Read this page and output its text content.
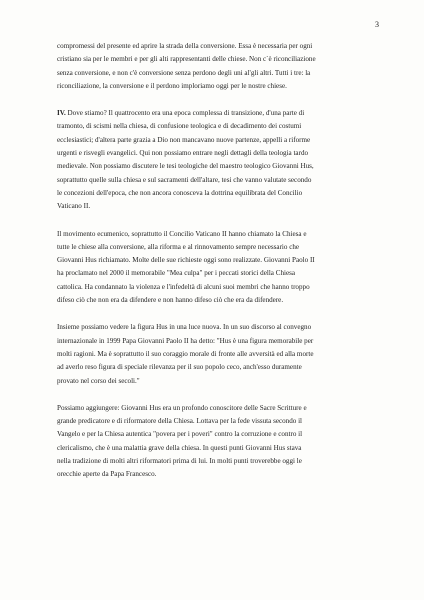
3

compromessi del presente ed aprire la strada della conversione. Essa è necessaria per ogni
cristiano sia per le membri e per gli alti rappresentanti delle chiese. Non c`è riconciliazione
senza conversione, e non c'è conversione senza perdono degli uni al'gli altri. Tutti i tre: la
riconciliazione, la conversione e il perdono imploriamo oggi per le nostre chiese.

IV. Dove stiamo? Il quattrocento era una epoca complessa di transizione, d'una parte di
tramonto, di scismi nella chiesa, di confusione teologica e di decadimento dei costumi
ecclesiastici; d'altera parte grazia a Dio non mancavano nuove partenze, appelli a riforme
urgenti e risvegli evangelici. Qui non possiamo entrare negli dettagli della teologia tardo
medievale. Non possiamo discutere le tesi teologiche del maestro teologico Giovanni Hus,
soprattutto quelle sulla chiesa e sul sacramenti dell'altare, tesi che vanno valutate secondo
le concezioni dell'epoca, che non ancora conosceva la dottrina equilibrata del Concilio
Vaticano II.

Il movimento ecumenico, soprattutto il Concilio Vaticano II hanno chiamato la Chiesa e
tutte le chiese alla conversione, alla riforma e al rinnovamento sempre necessario che
Giovanni Hus richiamato. Molte delle sue richieste oggi sono realizzate. Giovanni Paolo II
ha proclamato nel 2000 il memorabile "Mea culpa" per i peccati storici della Chiesa
cattolica. Ha condannato la violenza e l'infedeltà di alcuni suoi membri che hanno troppo
difeso ciò che non era da difendere e non hanno difeso ciò che era da difendere.

Insieme possiamo vedere la figura Hus in una luce nuova. In un suo discorso al convegno
internazionale in 1999 Papa Giovanni Paolo II ha detto: "Hus è una figura memorabile per
molti ragioni. Ma è soprattutto il suo coraggio morale di fronte alle avversità ed alla morte
ad averlo reso figura di speciale rilevanza per il suo popolo ceco, anch'esso duramente
provato nel corso dei secoli."

Possiamo aggiungere: Giovanni Hus era un profondo conoscitore delle Sacre Scritture e
grande predicatore e di riformatore della Chiesa. Lottava per la fede vissuta secondo il
Vangelo e per la Chiesa autentica "povera per i poveri" contro la corruzione e contro il
clericalismo, che è una malattia grave della chiesa. In questi punti Giovanni Hus stava
nella tradizione di molti altri riformatori prima di lui. In molti punti troverebbe oggi le
orecchie aperte da Papa Francesco.
